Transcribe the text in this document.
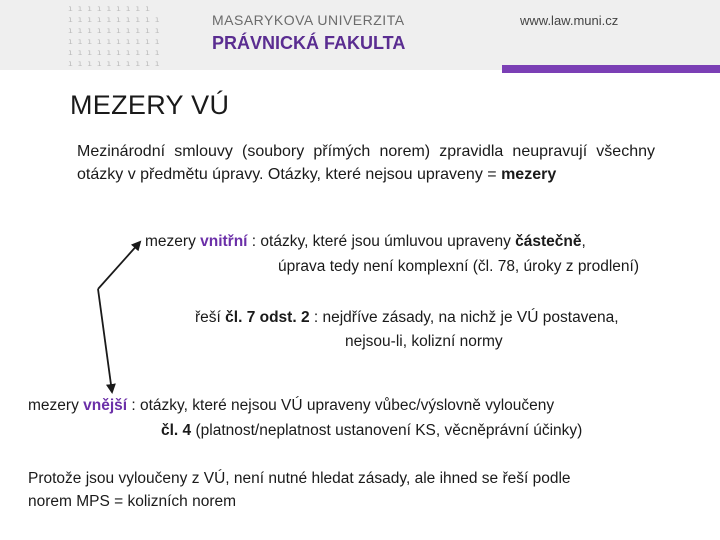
ı ı ı ı ı ı ı ı ı
ı ı ı ı ı ı ı ı ı ı
ı ı ı ı ı ı ı ı ı ı
ı ı ı ı ı ı ı ı ı ı
ı ı ı ı ı ı ı ı ı ı
ı ı ı ı ı ı ı ı ı ı
MASARYKOVA UNIVERZITA
PRÁVNICKÁ FAKULTA
www.law.muni.cz
MEZERY VÚ
Mezinárodní smlouvy (soubory přímých norem) zpravidla neupravují všechny otázky v předmětu úpravy. Otázky, které nejsou upraveny = mezery
mezery vnitřní : otázky, které jsou úmluvou upraveny částečně,
úprava tedy není komplexní (čl. 78, úroky z prodlení)
řeší čl. 7 odst. 2 : nejdříve zásady, na nichž je VÚ postavena,
nejsou-li, kolizní normy
mezery vnější : otázky, které nejsou VÚ upraveny vůbec/výslovně vyloučeny
čl. 4 (platnost/neplatnost ustanovení KS, věcněprávní účinky)
Protože jsou vyloučeny z VÚ, není nutné hledat zásady, ale ihned se řeší podle
norem MPS = kolizních norem
